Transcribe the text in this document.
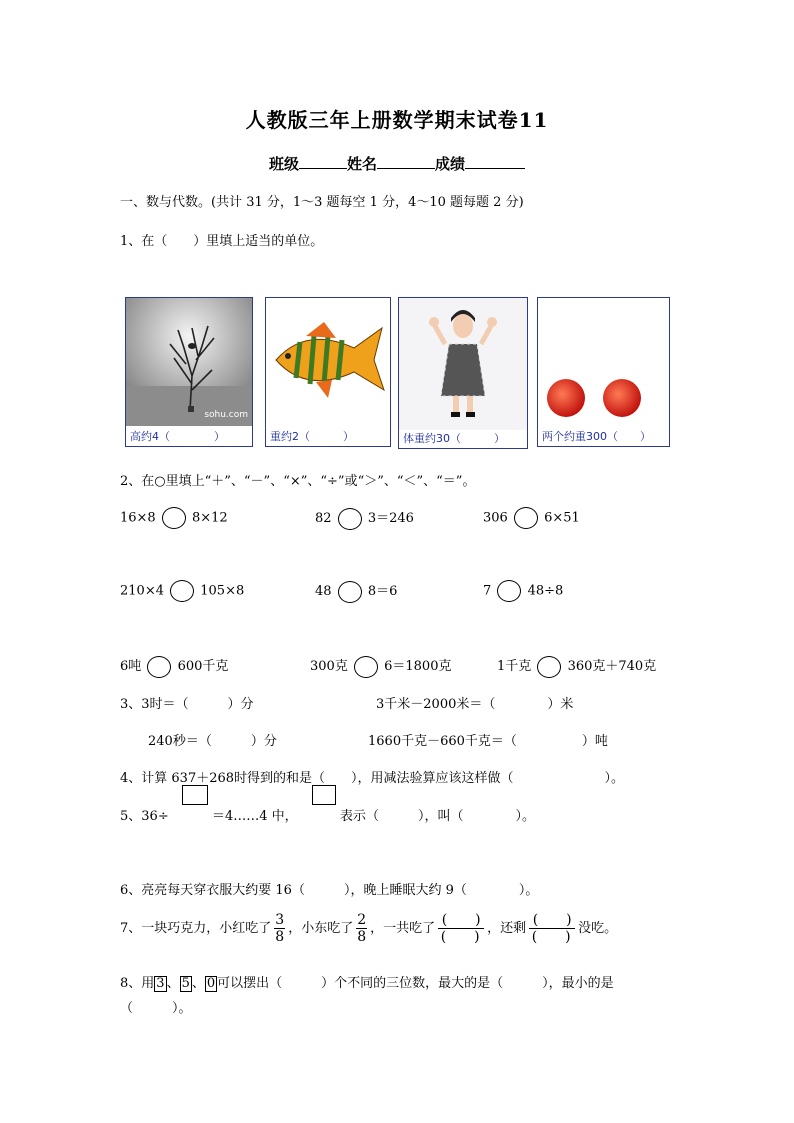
人教版三年上册数学期末试卷11
班级	姓名	成绩
一、数与代数。(共计 31 分，1～3 题每空 1 分，4～10 题每题 2 分)
1、在（　　）里填上适当的单位。
sohu.com
高约4（　　　　）	重约2（　　　）	体重约30（　　　）	两个约重300（　　）
2、在○里填上“＋”、“－”、“×”、“÷”或“＞”、“＜”、“＝”。
16×8	8×12	82	3＝246	306	6×51
210×4	105×8	48	8＝6	7	48÷8
6吨	600千克	300克	6＝1800克	1千克	360克＋740克
3、3时＝（　　　）分	3千米－2000米＝（　　　　）米
240秒＝（　　　）分	1660千克－660千克＝（　　　　　）吨
4、计算 637＋268时得到的和是（　　），用减法验算应该这样做（　　　　　　　）。
5、36÷	＝4……4 中，	表示（　　　），叫（　　　　）。
6、亮亮每天穿衣服大约要 16（　　　），晚上睡眠大约 9（　　　　）。
7、一块巧克力，小红吃了 $\frac{3}{8}$ ，小东吃了 $\frac{2}{8}$ ，一共吃了 $\frac{( )}{( )}$ ，还剩 $\frac{( )}{( )}$ 没吃。
8、用 3 、 5 、 0 可以摆出（　　　）个不同的三位数，最大的是（　　　），最小的是
（　　　）。
